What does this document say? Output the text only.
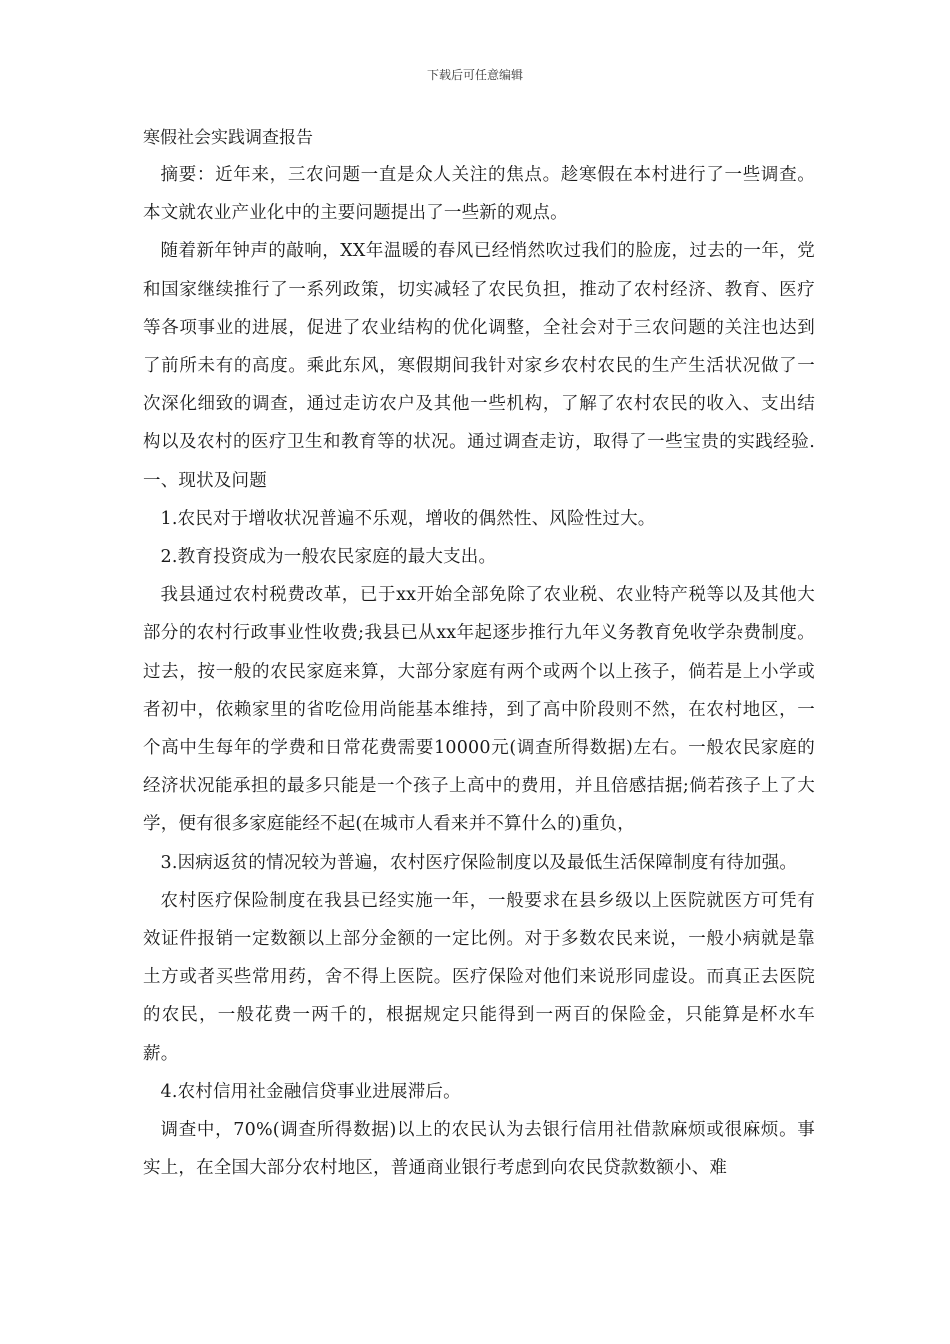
下载后可任意编辑

寒假社会实践调查报告

摘要：近年来，三农问题一直是众人关注的焦点。趁寒假在本村进行了一些调查。本文就农业产业化中的主要问题提出了一些新的观点。

随着新年钟声的敲响，XX年温暖的春风已经悄然吹过我们的脸庞，过去的一年，党和国家继续推行了一系列政策，切实减轻了农民负担，推动了农村经济、教育、医疗等各项事业的进展，促进了农业结构的优化调整，全社会对于三农问题的关注也达到了前所未有的高度。乘此东风，寒假期间我针对家乡农村农民的生产生活状况做了一次深化细致的调查，通过走访农户及其他一些机构，了解了农村农民的收入、支出结构以及农村的医疗卫生和教育等的状况。通过调查走访，取得了一些宝贵的实践经验. 一、现状及问题

1.农民对于增收状况普遍不乐观，增收的偶然性、风险性过大。

2.教育投资成为一般农民家庭的最大支出。

我县通过农村税费改革，已于xx开始全部免除了农业税、农业特产税等以及其他大部分的农村行政事业性收费;我县已从xx年起逐步推行九年义务教育免收学杂费制度。过去，按一般的农民家庭来算，大部分家庭有两个或两个以上孩子，倘若是上小学或者初中，依赖家里的省吃俭用尚能基本维持，到了高中阶段则不然，在农村地区，一个高中生每年的学费和日常花费需要10000元(调查所得数据)左右。一般农民家庭的经济状况能承担的最多只能是一个孩子上高中的费用，并且倍感拮据;倘若孩子上了大学，便有很多家庭能经不起(在城市人看来并不算什么的)重负，

3.因病返贫的情况较为普遍，农村医疗保险制度以及最低生活保障制度有待加强。

农村医疗保险制度在我县已经实施一年，一般要求在县乡级以上医院就医方可凭有效证件报销一定数额以上部分金额的一定比例。对于多数农民来说，一般小病就是靠土方或者买些常用药，舍不得上医院。医疗保险对他们来说形同虚设。而真正去医院的农民，一般花费一两千的，根据规定只能得到一两百的保险金，只能算是杯水车薪。

4.农村信用社金融信贷事业进展滞后。

调查中，70%(调查所得数据)以上的农民认为去银行信用社借款麻烦或很麻烦。事实上，在全国大部分农村地区，普通商业银行考虑到向农民贷款数额小、难
